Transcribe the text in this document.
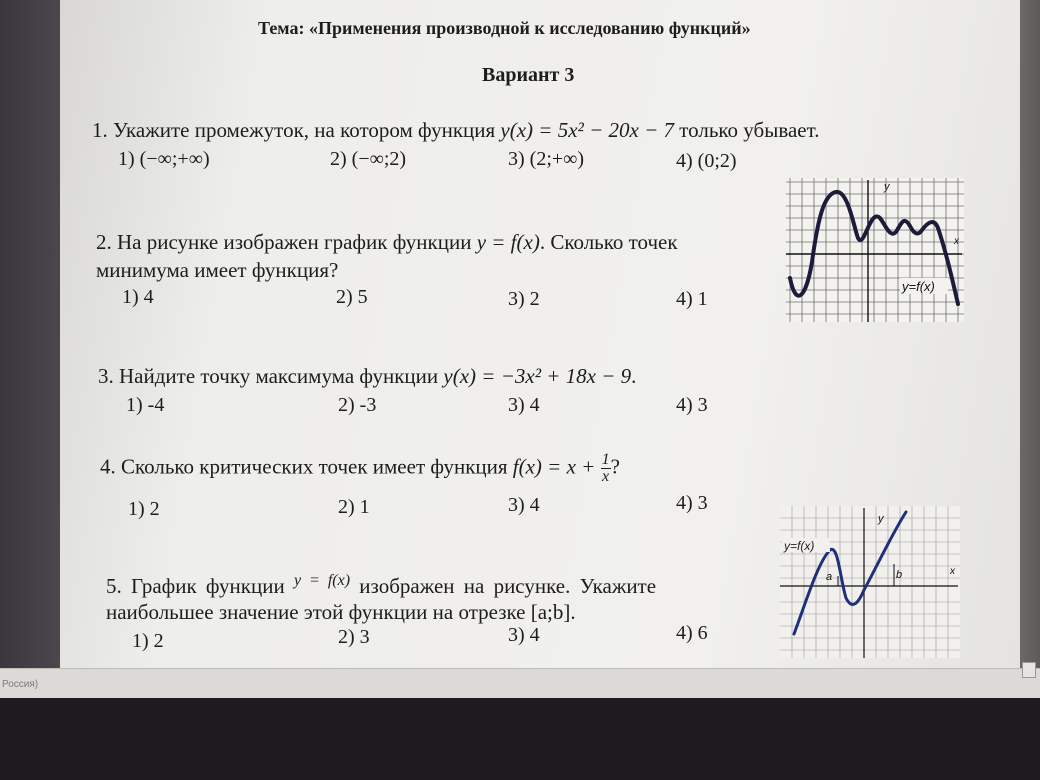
Тема: «Применения производной к исследованию функций»
Вариант 3
1. Укажите промежуток, на котором функция y(x) = 5x² − 20x − 7 только убывает.
1) (−∞;+∞)	2) (−∞;2)	3) (2;+∞)	4) (0;2)
2. На рисунке изображен график функции y = f(x). Сколько точек
минимума имеет функция?
1) 4	2) 5	3) 2	4) 1
x
y
y=f(x)
3. Найдите точку максимума функции y(x) = −3x² + 18x − 9.
1) -4	2) -3	3) 4	4) 3
4. Сколько критических точек имеет функция $f(x) = x + \frac{1}{x}$ ?
1) 2	2) 1	3) 4	4) 3
5. График функции $^{y = f(x)}$ изображен на рисунке. Укажите
наибольшее значение этой функции на отрезке [a;b].
1) 2	2) 3	3) 4	4) 6
x
y
a	b
y=f(x)
Россия)
